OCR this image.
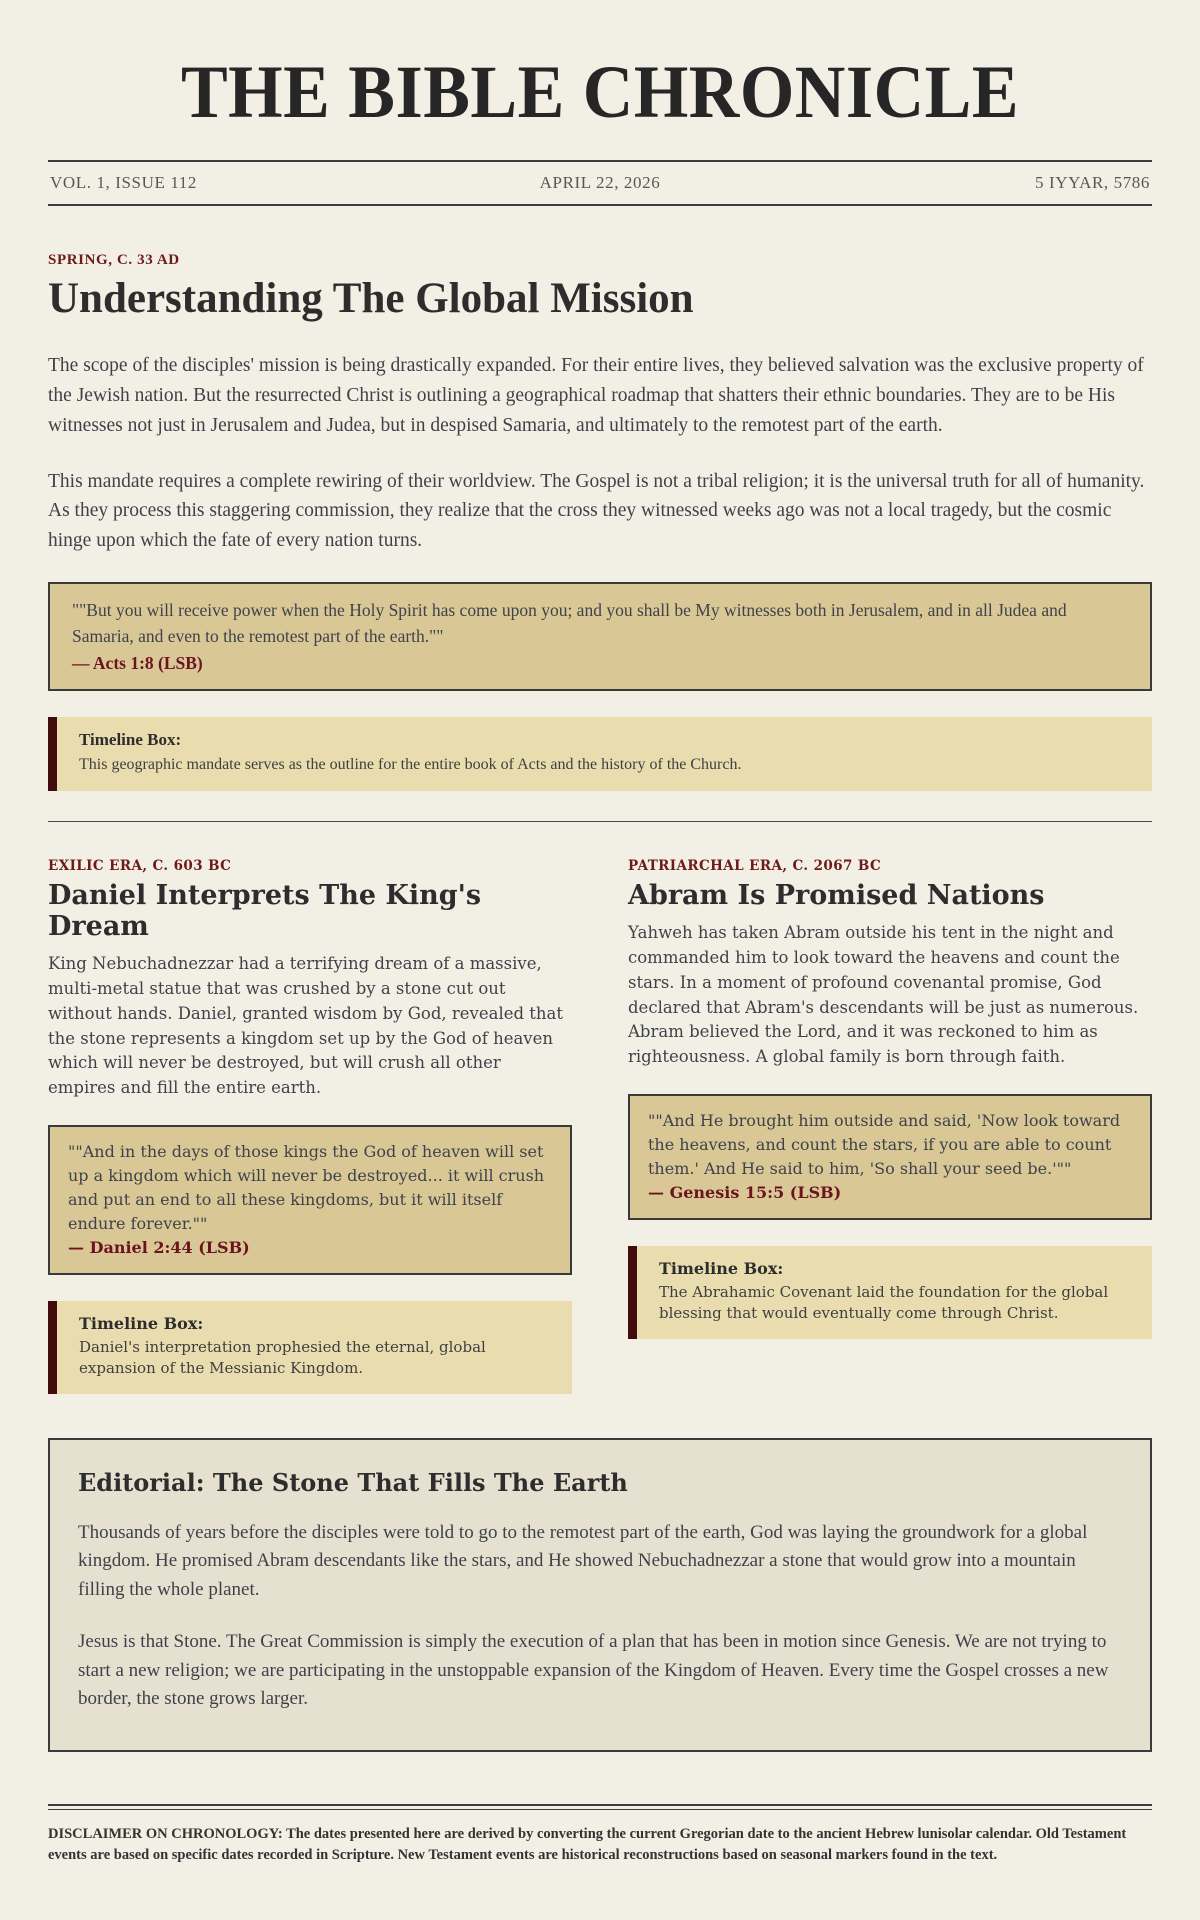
THE BIBLE CHRONICLE
VOL. 1, ISSUE 112	APRIL 22, 2026	5 IYYAR, 5786

SPRING, C. 33 AD

Understanding The Global Mission

The scope of the disciples' mission is being drastically expanded. For their entire lives, they believed salvation was the exclusive property of the Jewish nation. But the resurrected Christ is outlining a geographical roadmap that shatters their ethnic boundaries. They are to be His witnesses not just in Jerusalem and Judea, but in despised Samaria, and ultimately to the remotest part of the earth.

This mandate requires a complete rewiring of their worldview. The Gospel is not a tribal religion; it is the universal truth for all of humanity. As they process this staggering commission, they realize that the cross they witnessed weeks ago was not a local tragedy, but the cosmic hinge upon which the fate of every nation turns.

""But you will receive power when the Holy Spirit has come upon you; and you shall be My witnesses both in Jerusalem, and in all Judea and Samaria, and even to the remotest part of the earth.""
— Acts 1:8 (LSB)

Timeline Box:

This geographic mandate serves as the outline for the entire book of Acts and the history of the Church.

EXILIC ERA, C. 603 BC

Daniel Interprets The King's Dream

King Nebuchadnezzar had a terrifying dream of a massive, multi-metal statue that was crushed by a stone cut out without hands. Daniel, granted wisdom by God, revealed that the stone represents a kingdom set up by the God of heaven which will never be destroyed, but will crush all other empires and fill the entire earth.

""And in the days of those kings the God of heaven will set up a kingdom which will never be destroyed... it will crush and put an end to all these kingdoms, but it will itself endure forever.""
— Daniel 2:44 (LSB)

Timeline Box:

Daniel's interpretation prophesied the eternal, global expansion of the Messianic Kingdom.

PATRIARCHAL ERA, C. 2067 BC

Abram Is Promised Nations

Yahweh has taken Abram outside his tent in the night and commanded him to look toward the heavens and count the stars. In a moment of profound covenantal promise, God declared that Abram's descendants will be just as numerous. Abram believed the Lord, and it was reckoned to him as righteousness. A global family is born through faith.

""And He brought him outside and said, 'Now look toward the heavens, and count the stars, if you are able to count them.' And He said to him, 'So shall your seed be.'""
— Genesis 15:5 (LSB)

Timeline Box:

The Abrahamic Covenant laid the foundation for the global blessing that would eventually come through Christ.

Editorial: The Stone That Fills The Earth

Thousands of years before the disciples were told to go to the remotest part of the earth, God was laying the groundwork for a global kingdom. He promised Abram descendants like the stars, and He showed Nebuchadnezzar a stone that would grow into a mountain filling the whole planet.

Jesus is that Stone. The Great Commission is simply the execution of a plan that has been in motion since Genesis. We are not trying to start a new religion; we are participating in the unstoppable expansion of the Kingdom of Heaven. Every time the Gospel crosses a new border, the stone grows larger.

DISCLAIMER ON CHRONOLOGY: The dates presented here are derived by converting the current Gregorian date to the ancient Hebrew lunisolar calendar. Old Testament events are based on specific dates recorded in Scripture. New Testament events are historical reconstructions based on seasonal markers found in the text.
